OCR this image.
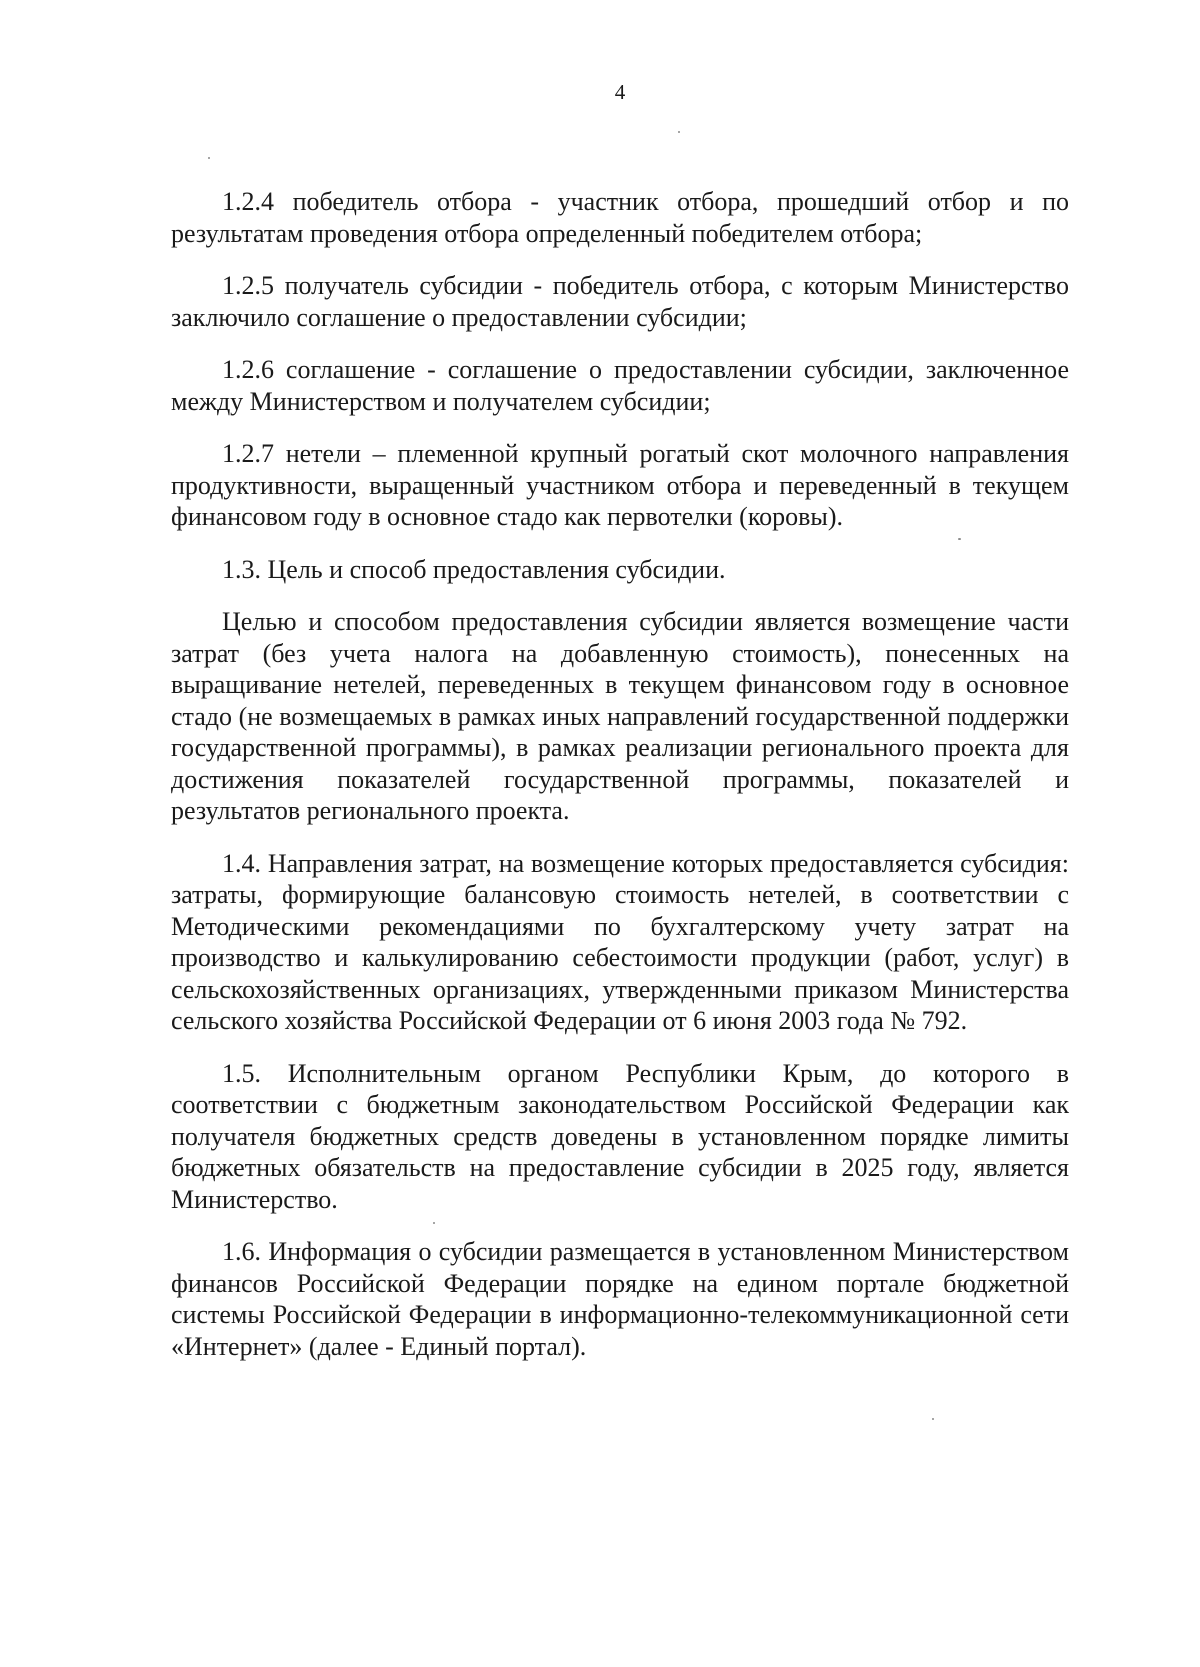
4

1.2.4 победитель отбора - участник отбора, прошедший отбор и по результатам проведения отбора определенный победителем отбора;

1.2.5 получатель субсидии - победитель отбора, с которым Министерство заключило соглашение о предоставлении субсидии;

1.2.6 соглашение - соглашение о предоставлении субсидии, заключенное между Министерством и получателем субсидии;

1.2.7 нетели – племенной крупный рогатый скот молочного направления продуктивности, выращенный участником отбора и переведенный в текущем финансовом году в основное стадо как первотелки (коровы).

1.3. Цель и способ предоставления субсидии.

Целью и способом предоставления субсидии является возмещение части затрат (без учета налога на добавленную стоимость), понесенных на выращивание нетелей, переведенных в текущем финансовом году в основное стадо (не возмещаемых в рамках иных направлений государственной поддержки государственной программы), в рамках реализации регионального проекта для достижения показателей государственной программы, показателей и результатов регионального проекта.

1.4. Направления затрат, на возмещение которых предоставляется субсидия: затраты, формирующие балансовую стоимость нетелей, в соответствии с Методическими рекомендациями по бухгалтерскому учету затрат на производство и калькулированию себестоимости продукции (работ, услуг) в сельскохозяйственных организациях, утвержденными приказом Министерства сельского хозяйства Российской Федерации от 6 июня 2003 года № 792.

1.5. Исполнительным органом Республики Крым, до которого в соответствии с бюджетным законодательством Российской Федерации как получателя бюджетных средств доведены в установленном порядке лимиты бюджетных обязательств на предоставление субсидии в 2025 году, является Министерство.

1.6. Информация о субсидии размещается в установленном Министерством финансов Российской Федерации порядке на едином портале бюджетной системы Российской Федерации в информационно-телекоммуникационной сети «Интернет» (далее - Единый портал).
